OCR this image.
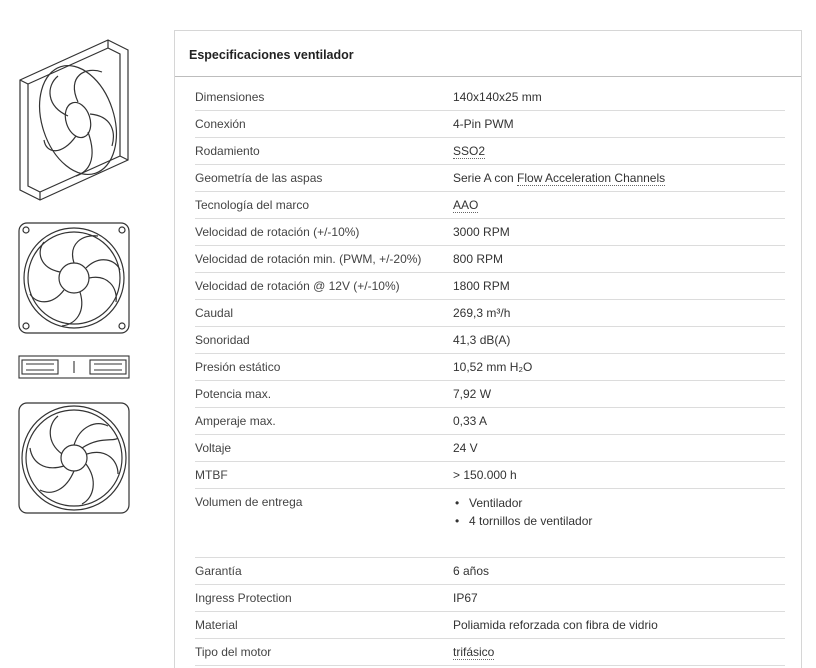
Especificaciones ventilador
Dimensiones	140x140x25 mm
Conexión	4-Pin PWM
Rodamiento	SSO2
Geometría de las aspas	Serie A con Flow Acceleration Channels
Tecnología del marco	AAO
Velocidad de rotación (+/-10%)	3000 RPM
Velocidad de rotación min. (PWM, +/-20%)	800 RPM
Velocidad de rotación @ 12V (+/-10%)	1800 RPM
Caudal	269,3 m³/h
Sonoridad	41,3 dB(A)
Presión estático	10,52 mm H₂O
Potencia max.	7,92 W
Amperaje max.	0,33 A
Voltaje	24 V
MTBF	> 150.000 h
Volumen de entrega
•	Ventilador
• 4 tornillos de ventilador
Garantía	6 años
Ingress Protection	IP67
Material	Poliamida reforzada con fibra de vidrio
Tipo del motor	trifásico
